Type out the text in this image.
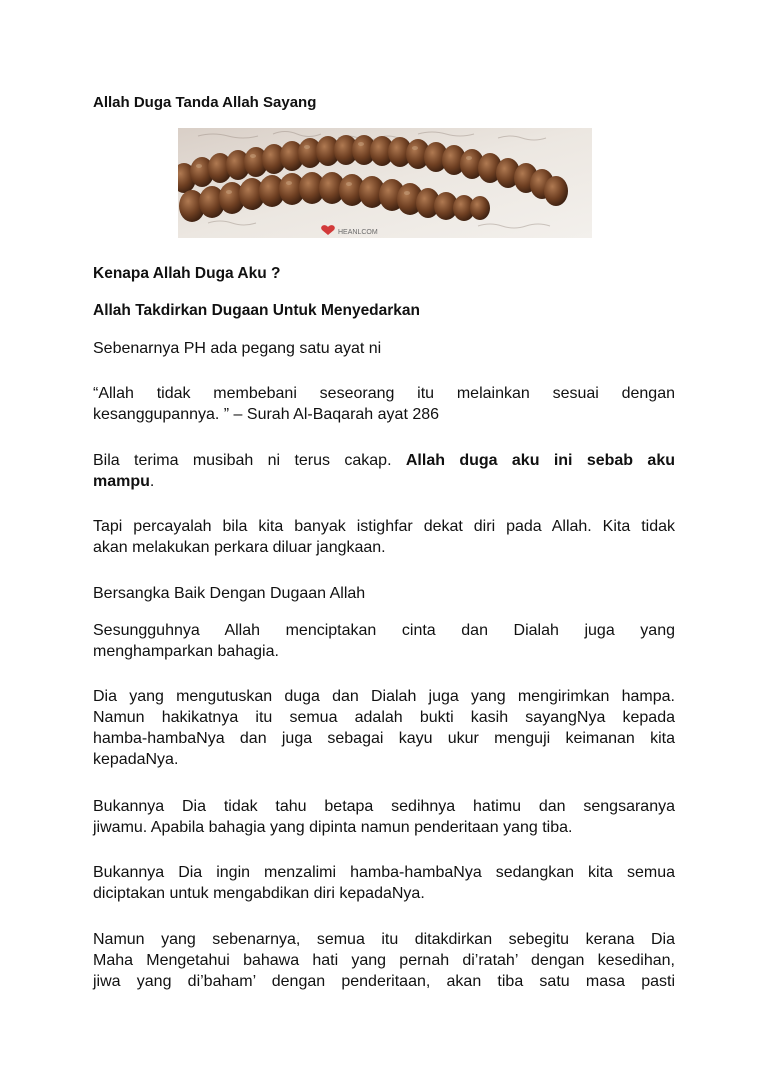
Allah Duga Tanda Allah Sayang
HEANLCOM
Kenapa Allah Duga Aku ?
Allah Takdirkan Dugaan Untuk Menyedarkan
Sebenarnya PH ada pegang satu ayat ni
“Allah tidak membebani seseorang itu melainkan sesuai dengan
kesanggupannya. ” – Surah Al-Baqarah ayat 286
Bila terima musibah ni terus cakap. Allah duga aku ini sebab aku
mampu.
Tapi percayalah bila kita banyak istighfar dekat diri pada Allah. Kita tidak
akan melakukan perkara diluar jangkaan.
Bersangka Baik Dengan Dugaan Allah
Sesungguhnya Allah menciptakan cinta dan Dialah juga yang
menghamparkan bahagia.
Dia yang mengutuskan duga dan Dialah juga yang mengirimkan hampa.
Namun hakikatnya itu semua adalah bukti kasih sayangNya kepada
hamba-hambaNya dan juga sebagai kayu ukur menguji keimanan kita
kepadaNya.
Bukannya Dia tidak tahu betapa sedihnya hatimu dan sengsaranya
jiwamu. Apabila bahagia yang dipinta namun penderitaan yang tiba.
Bukannya Dia ingin menzalimi hamba-hambaNya sedangkan kita semua
diciptakan untuk mengabdikan diri kepadaNya.
Namun yang sebenarnya, semua itu ditakdirkan sebegitu kerana Dia
Maha Mengetahui bahawa hati yang pernah di’ratah’ dengan kesedihan,
jiwa yang di’baham’ dengan penderitaan, akan tiba satu masa pasti
